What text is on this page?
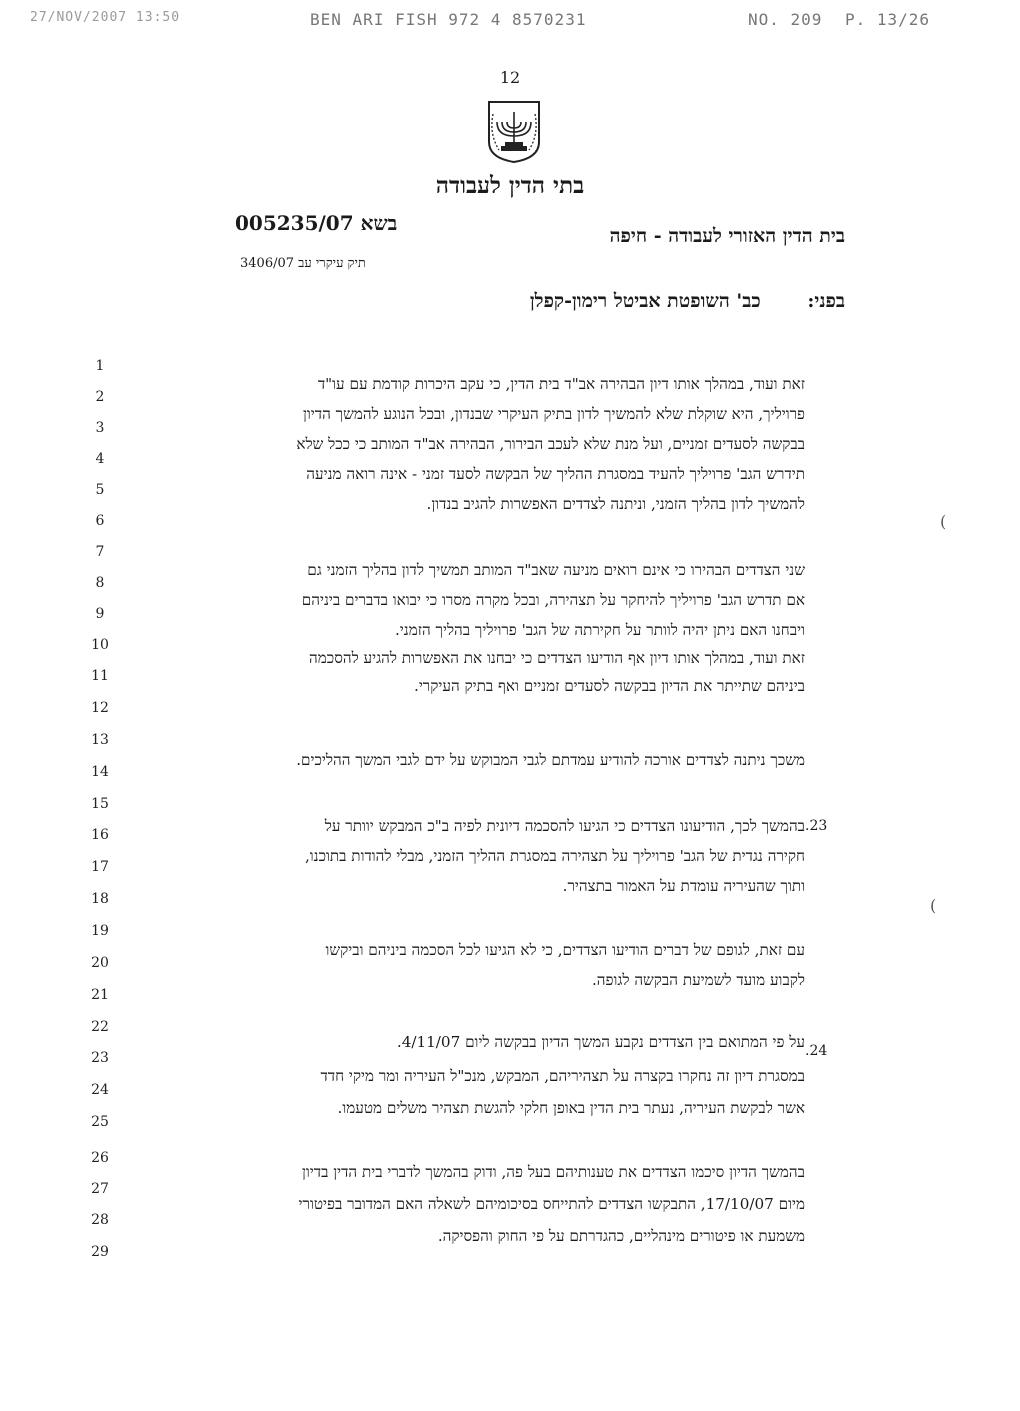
27/NOV/2007 13:50	BEN ARI FISH 972 4 8570231	NO. 209 P. 13/26
12
בתי הדין לעבודה
בית הדין האזורי לעבודה - חיפה
בשא 005235/07
תיק עיקרי עב 3406/07
בפני: כב' השופטת אביטל רימון-קפלן
1
2
3
4
5
6
7
8
9
10
11
12
13
14
15
16
17
18
19
20
21
22
23
24
25
26
27
28
29
זאת ועוד, במהלך אותו דיון הבהירה אב"ד בית הדין, כי עקב היכרות קודמת עם עו"ד
פרויליך, היא שוקלת שלא להמשיך לדון בתיק העיקרי שבנדון, ובכל הנוגע להמשך הדיון
בבקשה לסעדים זמניים, ועל מנת שלא לעכב הבירור, הבהירה אב"ד המותב כי ככל שלא
תידרש הגב' פרויליך להעיד במסגרת ההליך של הבקשה לסעד זמני - אינה רואה מניעה
להמשיך לדון בהליך הזמני, וניתנה לצדדים האפשרות להגיב בנדון.
שני הצדדים הבהירו כי אינם רואים מניעה שאב"ד המותב תמשיך לדון בהליך הזמני גם
אם תדרש הגב' פרויליך להיחקר על תצהירה, ובכל מקרה מסרו כי יבואו בדברים ביניהם
ויבחנו האם ניתן יהיה לוותר על חקירתה של הגב' פרויליך בהליך הזמני.
זאת ועוד, במהלך אותו דיון אף הודיעו הצדדים כי יבחנו את האפשרות להגיע להסכמה
ביניהם שתייתר את הדיון בבקשה לסעדים זמניים ואף בתיק העיקרי.
משכך ניתנה לצדדים אורכה להודיע עמדתם לגבי המבוקש על ידם לגבי המשך ההליכים.
.23
בהמשך לכך, הודיעונו הצדדים כי הגיעו להסכמה דיונית לפיה ב"כ המבקש יוותר על
חקירה נגדית של הגב' פרויליך על תצהירה במסגרת ההליך הזמני, מבלי להודות בתוכנו,
ותוך שהעיריה עומדת על האמור בתצהיר.
עם זאת, לגופם של דברים הודיעו הצדדים, כי לא הגיעו לכל הסכמה ביניהם וביקשו
לקבוע מועד לשמיעת הבקשה לגופה.
.24
על פי המתואם בין הצדדים נקבע המשך הדיון בבקשה ליום 4/11/07.
במסגרת דיון זה נחקרו בקצרה על תצהיריהם, המבקש, מנכ"ל העיריה ומר מיקי חדד
אשר לבקשת העיריה, נעתר בית הדין באופן חלקי להגשת תצהיר משלים מטעמו.
בהמשך הדיון סיכמו הצדדים את טענותיהם בעל פה, ודוק בהמשך לדברי בית הדין בדיון
מיום 17/10/07, התבקשו הצדדים להתייחס בסיכומיהם לשאלה האם המדובר בפיטורי
משמעת או פיטורים מינהליים, כהגדרתם על פי החוק והפסיקה.
(
(
